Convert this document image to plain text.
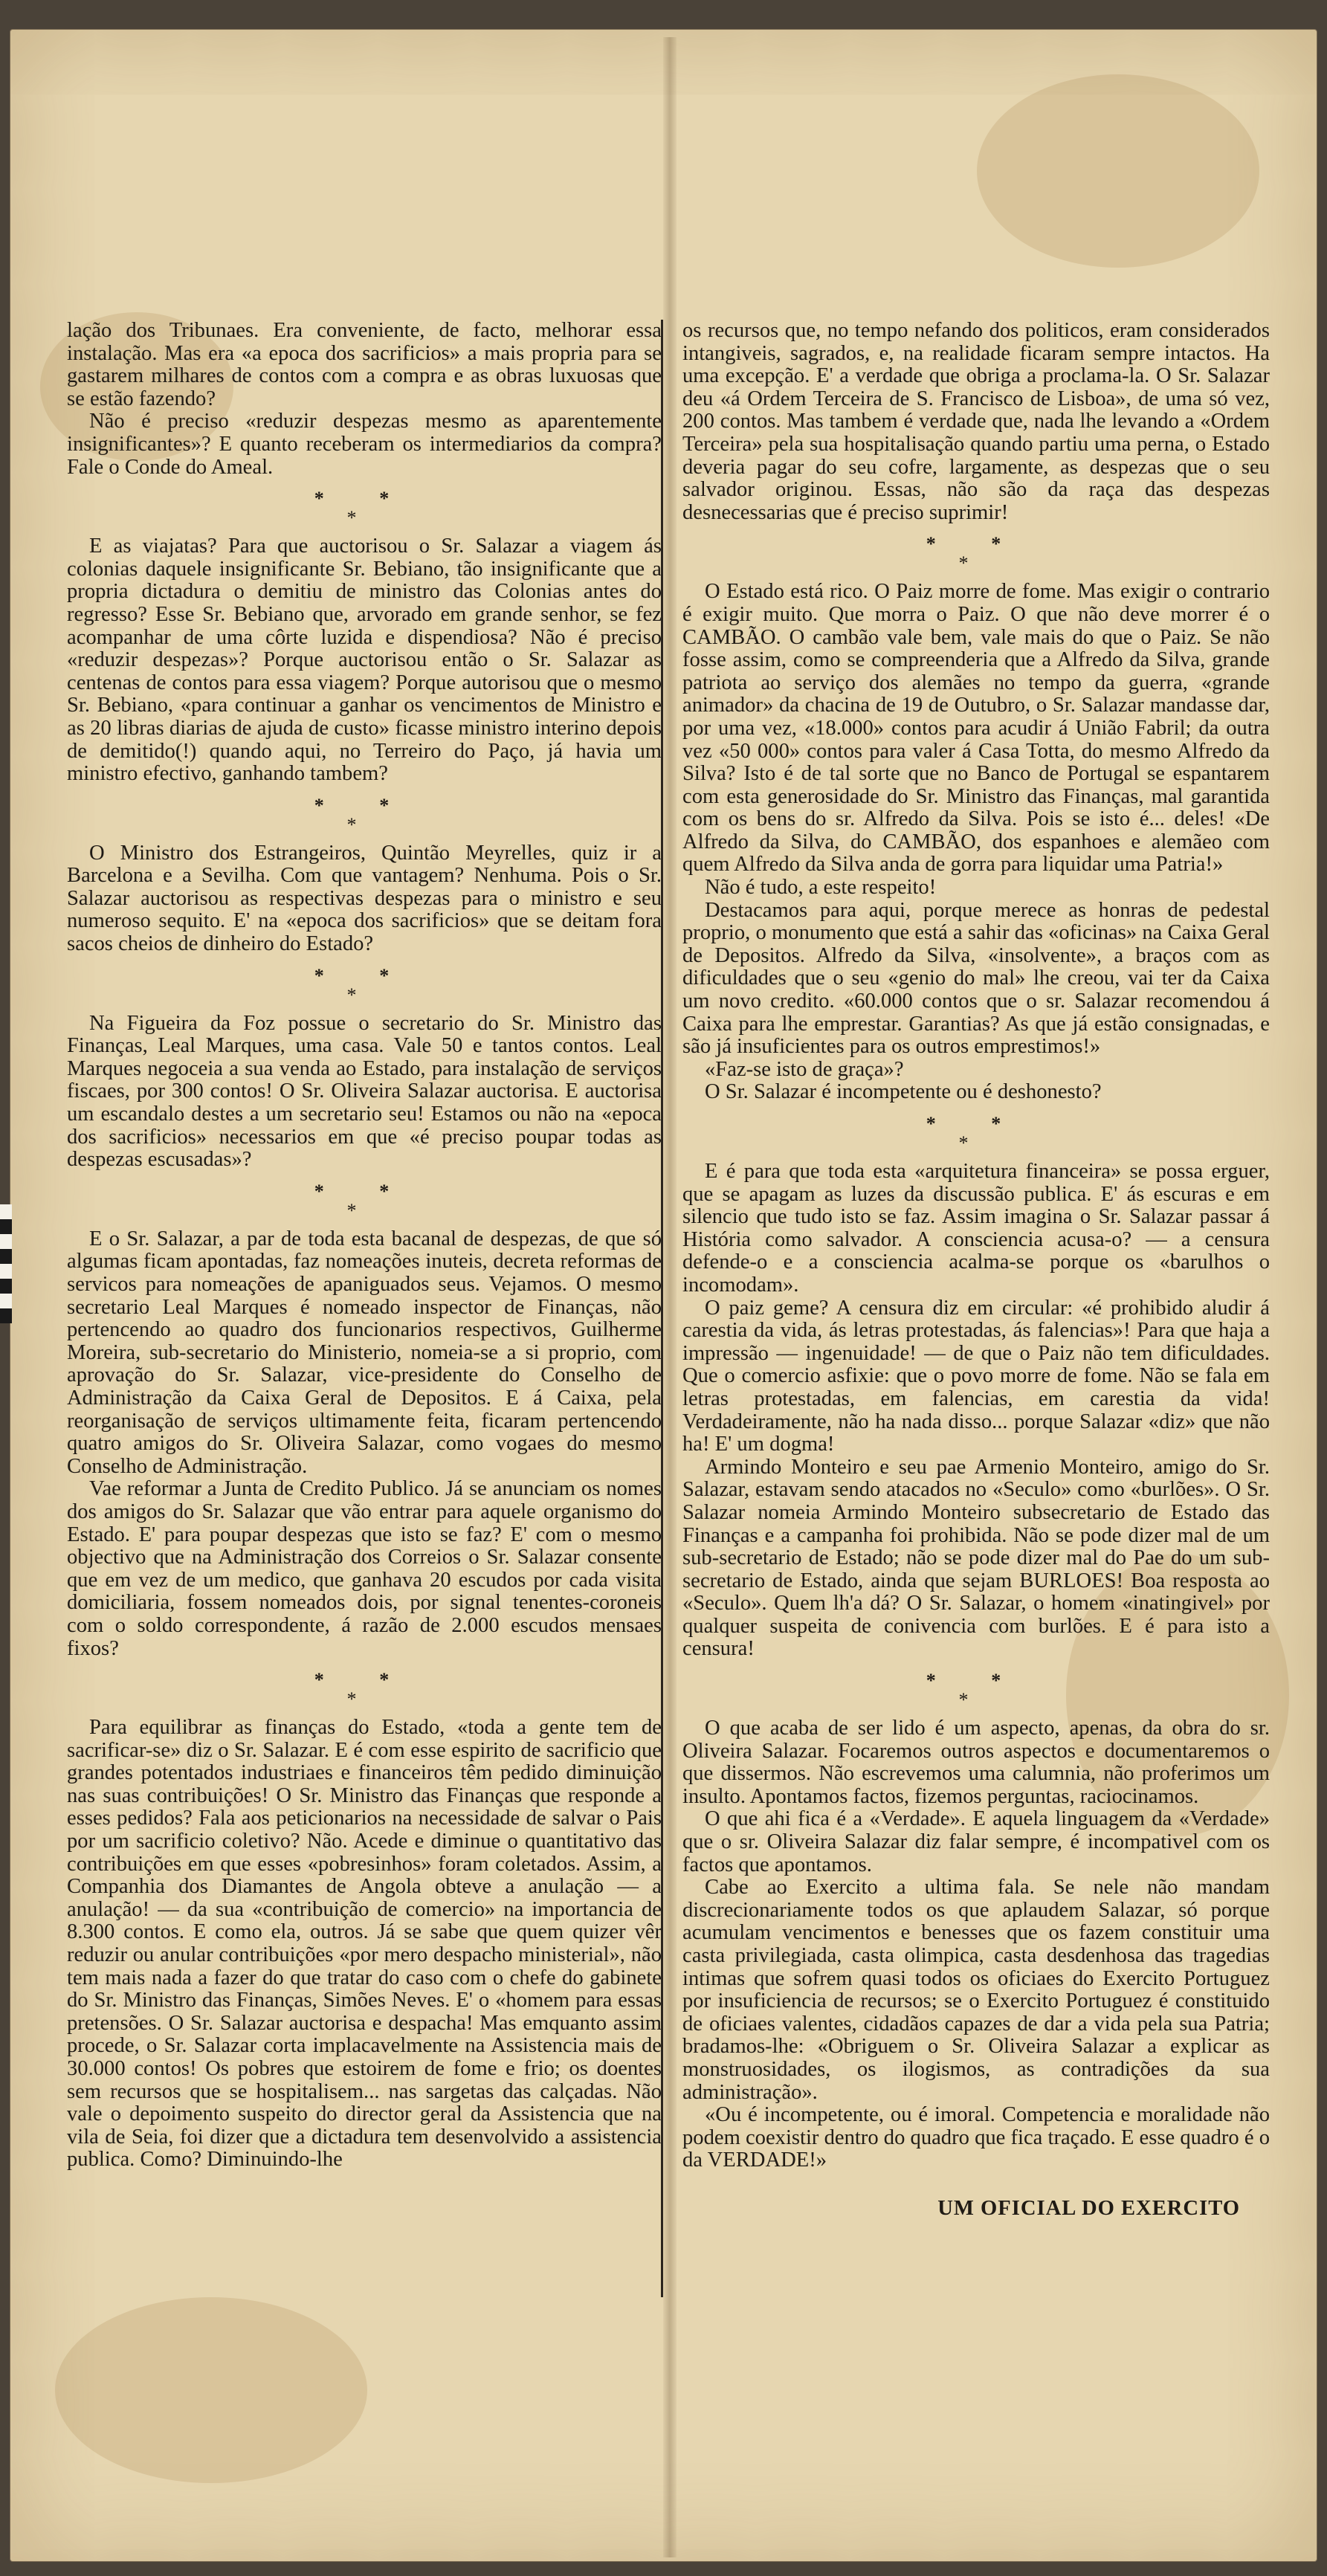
lação dos Tribunaes. Era conveniente, de facto, melhorar essa instalação. Mas era «a epoca dos sacrificios» a mais propria para se gastarem milhares de contos com a compra e as obras luxuosas que se estão fazendo?

Não é preciso «reduzir despezas mesmo as aparentemente insignificantes»? E quanto receberam os intermediarios da compra? Fale o Conde do Ameal.

* *
*

E as viajatas? Para que auctorisou o Sr. Salazar a viagem ás colonias daquele insignificante Sr. Bebiano, tão insignificante que a propria dictadura o demitiu de ministro das Colonias antes do regresso? Esse Sr. Bebiano que, arvorado em grande senhor, se fez acompanhar de uma côrte luzida e dispendiosa? Não é preciso «reduzir despezas»? Porque auctorisou então o Sr. Salazar as centenas de contos para essa viagem? Porque autorisou que o mesmo Sr. Bebiano, «para continuar a ganhar os vencimentos de Ministro e as 20 libras diarias de ajuda de custo» ficasse ministro interino depois de demitido(!) quando aqui, no Terreiro do Paço, já havia um ministro efectivo, ganhando tambem?

* *
*

O Ministro dos Estrangeiros, Quintão Meyrelles, quiz ir a Barcelona e a Sevilha. Com que vantagem? Nenhuma. Pois o Sr. Salazar auctorisou as respectivas despezas para o ministro e seu numeroso sequito. E' na «epoca dos sacrificios» que se deitam fora sacos cheios de dinheiro do Estado?

* *
*

Na Figueira da Foz possue o secretario do Sr. Ministro das Finanças, Leal Marques, uma casa. Vale 50 e tantos contos. Leal Marques negoceia a sua venda ao Estado, para instalação de serviços fiscaes, por 300 contos! O Sr. Oliveira Salazar auctorisa. E auctorisa um escandalo destes a um secretario seu! Estamos ou não na «epoca dos sacrificios» necessarios em que «é preciso poupar todas as despezas escusadas»?

* *
*

E o Sr. Salazar, a par de toda esta bacanal de despezas, de que só algumas ficam apontadas, faz nomeações inuteis, decreta reformas de servicos para nomeações de apaniguados seus. Vejamos. O mesmo secretario Leal Marques é nomeado inspector de Finanças, não pertencendo ao quadro dos funcionarios respectivos, Guilherme Moreira, sub-secretario do Ministerio, nomeia-se a si proprio, com aprovação do Sr. Salazar, vice-presidente do Conselho de Administração da Caixa Geral de Depositos. E á Caixa, pela reorganisação de serviços ultimamente feita, ficaram pertencendo quatro amigos do Sr. Oliveira Salazar, como vogaes do mesmo Conselho de Administração.

Vae reformar a Junta de Credito Publico. Já se anunciam os nomes dos amigos do Sr. Salazar que vão entrar para aquele organismo do Estado. E' para poupar despezas que isto se faz? E' com o mesmo objectivo que na Administração dos Correios o Sr. Salazar consente que em vez de um medico, que ganhava 20 escudos por cada visita domiciliaria, fossem nomeados dois, por signal tenentes-coroneis com o soldo correspondente, á razão de 2.000 escudos mensaes fixos?

* *
*

Para equilibrar as finanças do Estado, «toda a gente tem de sacrificar-se» diz o Sr. Salazar. E é com esse espirito de sacrificio que grandes potentados industriaes e financeiros têm pedido diminuição nas suas contribuições! O Sr. Ministro das Finanças que responde a esses pedidos? Fala aos peticionarios na necessidade de salvar o Pais por um sacrificio coletivo? Não. Acede e diminue o quantitativo das contribuições em que esses «pobresinhos» foram coletados. Assim, a Companhia dos Diamantes de Angola obteve a anulação — a anulação! — da sua «contribuição de comercio» na importancia de 8.300 contos. E como ela, outros. Já se sabe que quem quizer vêr reduzir ou anular contribuições «por mero despacho ministerial», não tem mais nada a fazer do que tratar do caso com o chefe do gabinete do Sr. Ministro das Finanças, Simões Neves. E' o «homem para essas pretensões. O Sr. Salazar auctorisa e despacha! Mas emquanto assim procede, o Sr. Salazar corta implacavelmente na Assistencia mais de 30.000 contos! Os pobres que estoirem de fome e frio; os doentes sem recursos que se hospitalisem... nas sargetas das calçadas. Não vale o depoimento suspeito do director geral da Assistencia que na vila de Seia, foi dizer que a dictadura tem desenvolvido a assistencia publica. Como? Diminuindo-lhe

os recursos que, no tempo nefando dos politicos, eram considerados intangiveis, sagrados, e, na realidade ficaram sempre intactos. Ha uma excepção. E' a verdade que obriga a proclama-la. O Sr. Salazar deu «á Ordem Terceira de S. Francisco de Lisboa», de uma só vez, 200 contos. Mas tambem é verdade que, nada lhe levando a «Ordem Terceira» pela sua hospitalisação quando partiu uma perna, o Estado deveria pagar do seu cofre, largamente, as despezas que o seu salvador originou. Essas, não são da raça das despezas desnecessarias que é preciso suprimir!

* *
*

O Estado está rico. O Paiz morre de fome. Mas exigir o contrario é exigir muito. Que morra o Paiz. O que não deve morrer é o CAMBÃO. O cambão vale bem, vale mais do que o Paiz. Se não fosse assim, como se compreenderia que a Alfredo da Silva, grande patriota ao serviço dos alemães no tempo da guerra, «grande animador» da chacina de 19 de Outubro, o Sr. Salazar mandasse dar, por uma vez, «18.000» contos para acudir á União Fabril; da outra vez «50 000» contos para valer á Casa Totta, do mesmo Alfredo da Silva? Isto é de tal sorte que no Banco de Portugal se espantarem com esta generosidade do Sr. Ministro das Finanças, mal garantida com os bens do sr. Alfredo da Silva. Pois se isto é... deles! «De Alfredo da Silva, do CAMBÃO, dos espanhoes e alemãeo com quem Alfredo da Silva anda de gorra para liquidar uma Patria!»

Não é tudo, a este respeito!

Destacamos para aqui, porque merece as honras de pedestal proprio, o monumento que está a sahir das «oficinas» na Caixa Geral de Depositos. Alfredo da Silva, «insolvente», a braços com as dificuldades que o seu «genio do mal» lhe creou, vai ter da Caixa um novo credito. «60.000 contos que o sr. Salazar recomendou á Caixa para lhe emprestar. Garantias? As que já estão consignadas, e são já insuficientes para os outros emprestimos!»

«Faz-se isto de graça»?

O Sr. Salazar é incompetente ou é deshonesto?

* *
*

E é para que toda esta «arquitetura financeira» se possa erguer, que se apagam as luzes da discussão publica. E' ás escuras e em silencio que tudo isto se faz. Assim imagina o Sr. Salazar passar á História como salvador. A consciencia acusa-o? — a censura defende-o e a consciencia acalma-se porque os «barulhos o incomodam».

O paiz geme? A censura diz em circular: «é prohibido aludir á carestia da vida, ás letras protestadas, ás falencias»! Para que haja a impressão — ingenuidade! — de que o Paiz não tem dificuldades. Que o comercio asfixie: que o povo morre de fome. Não se fala em letras protestadas, em falencias, em carestia da vida! Verdadeiramente, não ha nada disso... porque Salazar «diz» que não ha! E' um dogma!

Armindo Monteiro e seu pae Armenio Monteiro, amigo do Sr. Salazar, estavam sendo atacados no «Seculo» como «burlões». O Sr. Salazar nomeia Armindo Monteiro subsecretario de Estado das Finanças e a campanha foi prohibida. Não se pode dizer mal de um sub-secretario de Estado; não se pode dizer mal do Pae do um sub-secretario de Estado, ainda que sejam BURLOES! Boa resposta ao «Seculo». Quem lh'a dá? O Sr. Salazar, o homem «inatingivel» por qualquer suspeita de conivencia com burlões. E é para isto a censura!

* *
*

O que acaba de ser lido é um aspecto, apenas, da obra do sr. Oliveira Salazar. Focaremos outros aspectos e documentaremos o que dissermos. Não escrevemos uma calumnia, não proferimos um insulto. Apontamos factos, fizemos perguntas, raciocinamos.

O que ahi fica é a «Verdade». E aquela linguagem da «Verdade» que o sr. Oliveira Salazar diz falar sempre, é incompativel com os factos que apontamos.

Cabe ao Exercito a ultima fala. Se nele não mandam discrecionariamente todos os que aplaudem Salazar, só porque acumulam vencimentos e benesses que os fazem constituir uma casta privilegiada, casta olimpica, casta desdenhosa das tragedias intimas que sofrem quasi todos os oficiaes do Exercito Portuguez por insuficiencia de recursos; se o Exercito Portuguez é constituido de oficiaes valentes, cidadãos capazes de dar a vida pela sua Patria; bradamos-lhe: «Obriguem o Sr. Oliveira Salazar a explicar as monstruosidades, os ilogismos, as contradições da sua administração».

«Ou é incompetente, ou é imoral. Competencia e moralidade não podem coexistir dentro do quadro que fica traçado. E esse quadro é o da VERDADE!»

UM OFICIAL DO EXERCITO
